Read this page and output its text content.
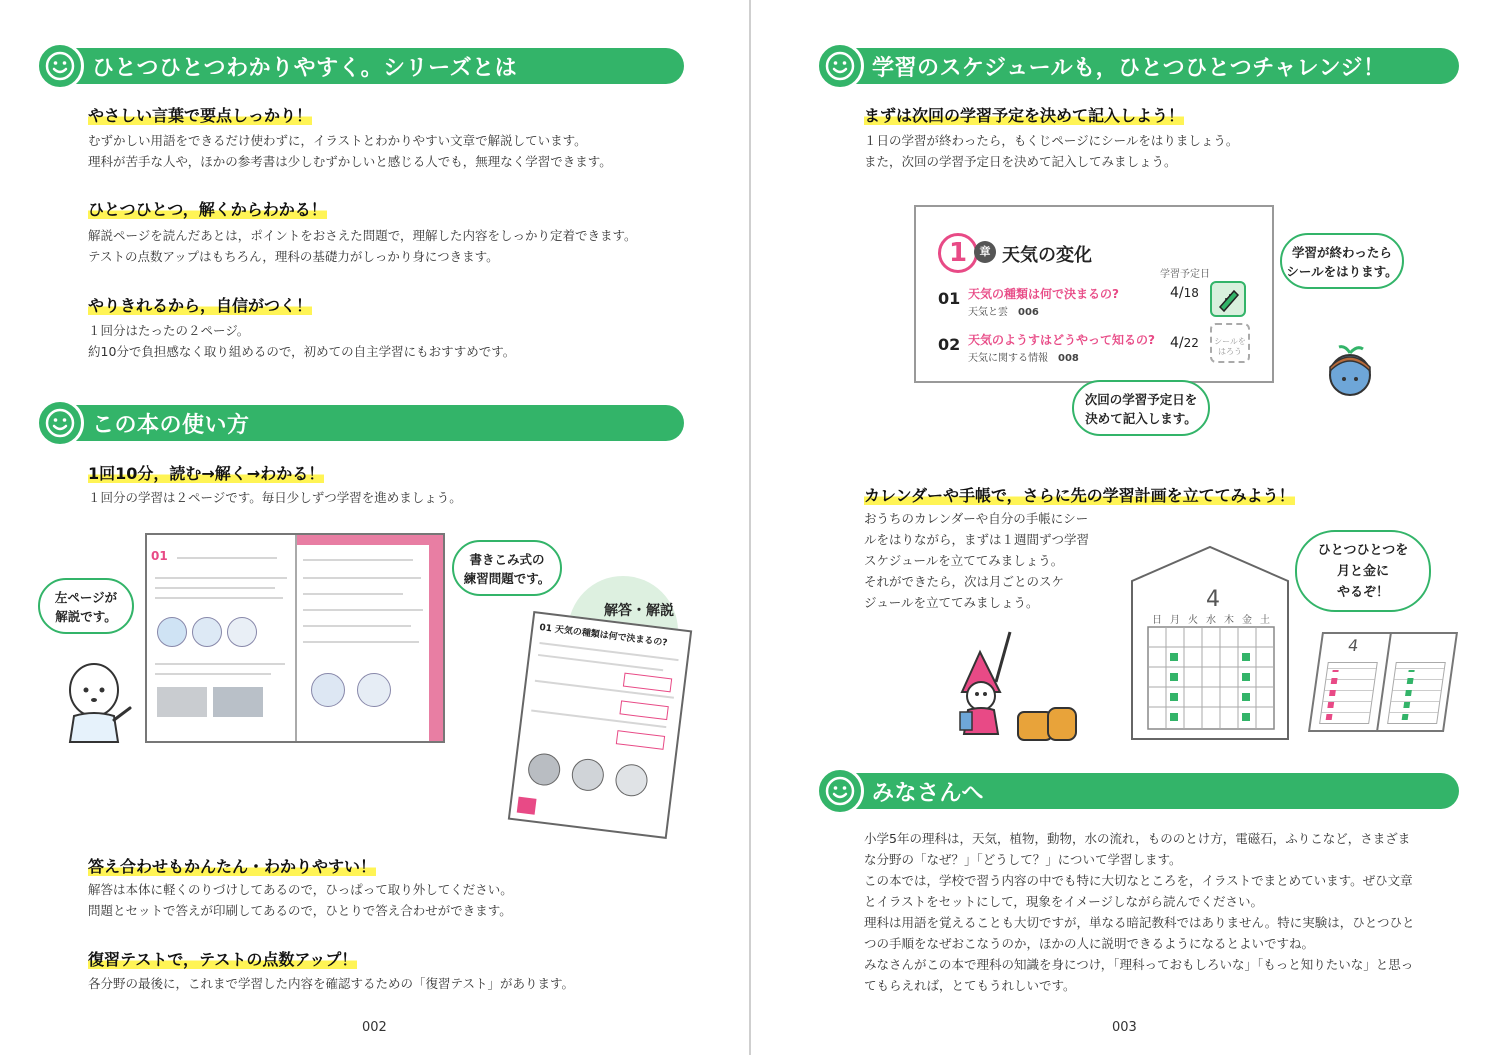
ひとつひとつわかりやすく。シリーズとは
やさしい言葉で要点しっかり！
むずかしい用語をできるだけ使わずに，イラストとわかりやすい文章で解説しています。
理科が苦手な人や，ほかの参考書は少しむずかしいと感じる人でも，無理なく学習できます。
ひとつひとつ，解くからわかる！
解説ページを読んだあとは，ポイントをおさえた問題で，理解した内容をしっかり定着できます。
テストの点数アップはもちろん，理科の基礎力がしっかり身につきます。
やりきれるから，自信がつく！
１回分はたったの２ページ。
約10分で負担感なく取り組めるので，初めての自主学習にもおすすめです。
この本の使い方
1回10分，読む→解く→わかる！
１回分の学習は２ページです。毎日少しずつ学習を進めましょう。
01
左ページが
解説です。
書きこみ式の
練習問題です。
解答・解説
01 天気の種類は何で決まるの?
答え合わせもかんたん・わかりやすい！
解答は本体に軽くのりづけしてあるので，ひっぱって取り外してください。
問題とセットで答えが印刷してあるので，ひとりで答え合わせができます。
復習テストで，テストの点数アップ！
各分野の最後に，これまで学習した内容を確認するための「復習テスト」があります。
002
学習のスケジュールも，ひとつひとつチャレンジ！
まずは次回の学習予定を決めて記入しよう！
１日の学習が終わったら，もくじページにシールをはりましょう。
また，次回の学習予定日を決めて記入してみましょう。
1	章 天気の変化
学習予定日
01 天気の種類は何で決まるの?
天気と雲　 006
4/18
02 天気のようすはどうやって知るの?
天気に関する情報　 008
4/22	シールをはろう
学習が終わったら
シールをはります。
次回の学習予定日を
決めて記入します。
カレンダーや手帳で，さらに先の学習計画を立ててみよう！
おうちのカレンダーや自分の手帳にシー
ルをはりながら，まずは１週間ずつ学習
スケジュールを立ててみましょう。
それができたら，次は月ごとのスケ
ジュールを立ててみましょう。	4
日 月 火 水 木 金 土
ひとつひとつを
月と金に
やるぞ！
4
みなさんへ
小学5年の理科は，天気，植物，動物，水の流れ，もののとけ方，電磁石，ふりこなど，さまざま
な分野の「なぜ？」「どうして？」について学習します。
この本では，学校で習う内容の中でも特に大切なところを，イラストでまとめています。ぜひ文章
とイラストをセットにして，現象をイメージしながら読んでください。
理科は用語を覚えることも大切ですが，単なる暗記教科ではありません。特に実験は，ひとつひと
つの手順をなぜおこなうのか，ほかの人に説明できるようになるとよいですね。
みなさんがこの本で理科の知識を身につけ，「理科っておもしろいな」「もっと知りたいな」と思っ
てもらえれば，とてもうれしいです。
003
